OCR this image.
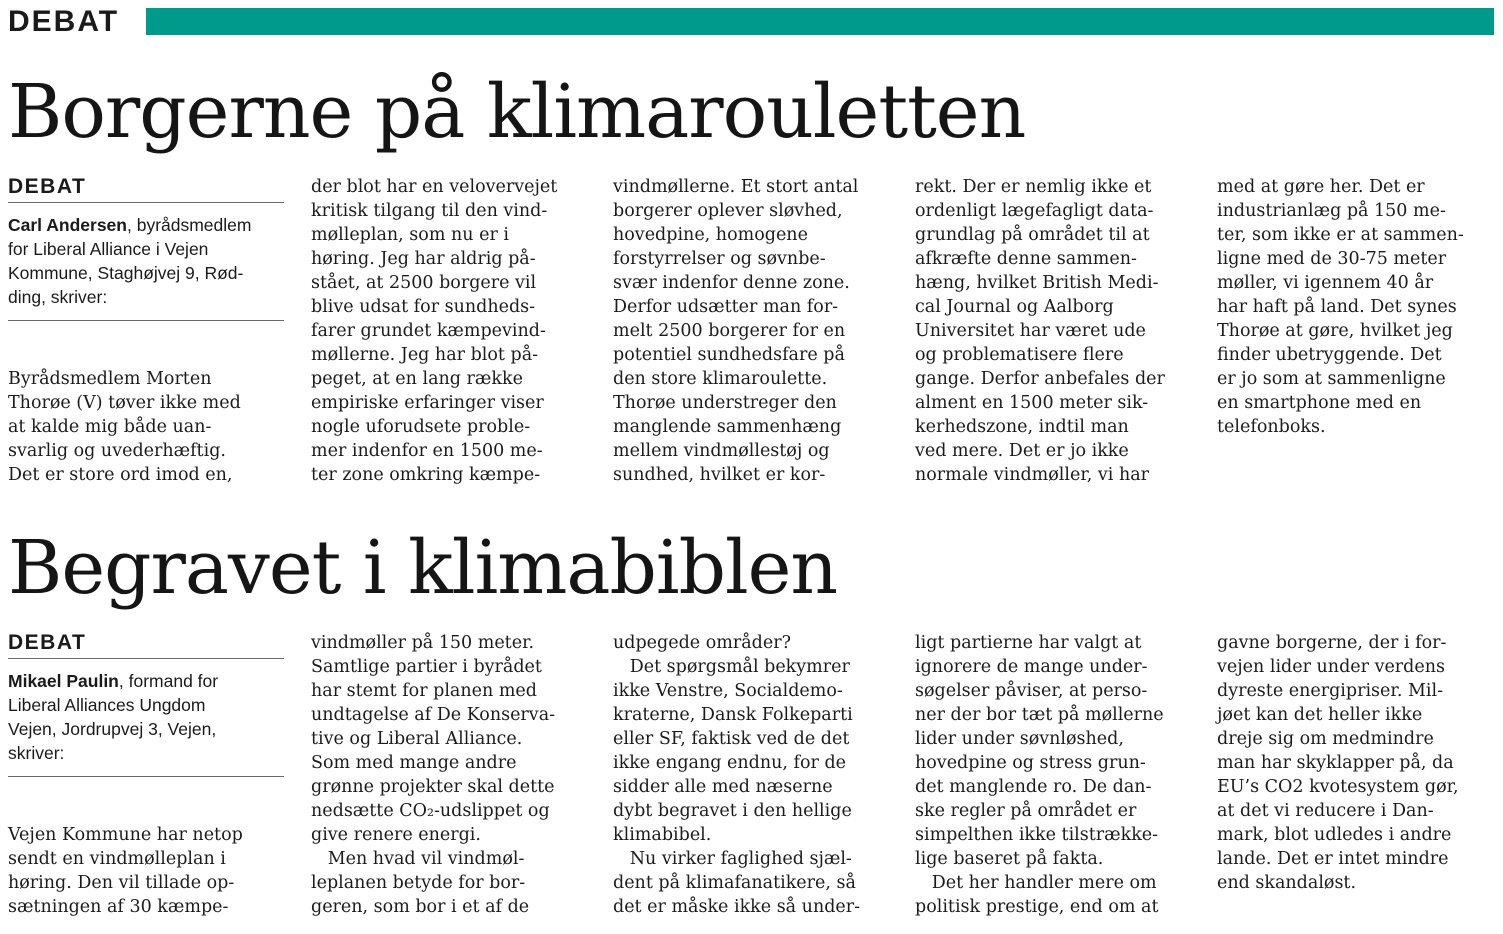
DEBAT
Borgerne på klimarouletten
DEBAT
Carl Andersen, byrådsmedlem
for Liberal Alliance i Vejen
Kommune, Staghøjvej 9, Rød-
ding, skriver:

Byrådsmedlem Morten
Thorøe (V) tøver ikke med
at kalde mig både uan-
svarlig og uvederhæftig.
Det er store ord imod en,

der blot har en velovervejet
kritisk tilgang til den vind-
mølleplan, som nu er i
høring. Jeg har aldrig på-
stået, at 2500 borgere vil
blive udsat for sundheds-
farer grundet kæmpevind-
møllerne. Jeg har blot på-
peget, at en lang række
empiriske erfaringer viser
nogle uforudsete proble-
mer indenfor en 1500 me-
ter zone omkring kæmpe-

vindmøllerne. Et stort antal
borgerer oplever sløvhed,
hovedpine, homogene
forstyrrelser og søvnbe-
svær indenfor denne zone.
Derfor udsætter man for-
melt 2500 borgerer for en
potentiel sundhedsfare på
den store klimaroulette.
Thorøe understreger den
manglende sammenhæng
mellem vindmøllestøj og
sundhed, hvilket er kor-

rekt. Der er nemlig ikke et
ordenligt lægefagligt data-
grundlag på området til at
afkræfte denne sammen-
hæng, hvilket British Medi-
cal Journal og Aalborg
Universitet har været ude
og problematisere flere
gange. Derfor anbefales der
alment en 1500 meter sik-
kerhedszone, indtil man
ved mere. Det er jo ikke
normale vindmøller, vi har

med at gøre her. Det er
industrianlæg på 150 me-
ter, som ikke er at sammen-
ligne med de 30-75 meter
møller, vi igennem 40 år
har haft på land. Det synes
Thorøe at gøre, hvilket jeg
finder ubetryggende. Det
er jo som at sammenligne
en smartphone med en
telefonboks.

Begravet i klimabiblen
DEBAT
Mikael Paulin, formand for
Liberal Alliances Ungdom
Vejen, Jordrupvej 3, Vejen,
skriver:

Vejen Kommune har netop
sendt en vindmølleplan i
høring. Den vil tillade op-
sætningen af 30 kæmpe-

vindmøller på 150 meter.
Samtlige partier i byrådet
har stemt for planen med
undtagelse af De Konserva-
tive og Liberal Alliance.
Som med mange andre
grønne projekter skal dette
nedsætte CO₂-udslippet og
give renere energi.
Men hvad vil vindmøl-
leplanen betyde for bor-
geren, som bor i et af de

udpegede områder?
Det spørgsmål bekymrer
ikke Venstre, Socialdemo-
kraterne, Dansk Folkeparti
eller SF, faktisk ved de det
ikke engang endnu, for de
sidder alle med næserne
dybt begravet i den hellige
klimabibel.
Nu virker faglighed sjæl-
dent på klimafanatikere, så
det er måske ikke så under-

ligt partierne har valgt at
ignorere de mange under-
søgelser påviser, at perso-
ner der bor tæt på møllerne
lider under søvnløshed,
hovedpine og stress grun-
det manglende ro. De dan-
ske regler på området er
simpelthen ikke tilstrække-
lige baseret på fakta.
Det her handler mere om
politisk prestige, end om at

gavne borgerne, der i for-
vejen lider under verdens
dyreste energipriser. Mil-
jøet kan det heller ikke
dreje sig om medmindre
man har skyklapper på, da
EU’s CO2 kvotesystem gør,
at det vi reducere i Dan-
mark, blot udledes i andre
lande. Det er intet mindre
end skandaløst.
